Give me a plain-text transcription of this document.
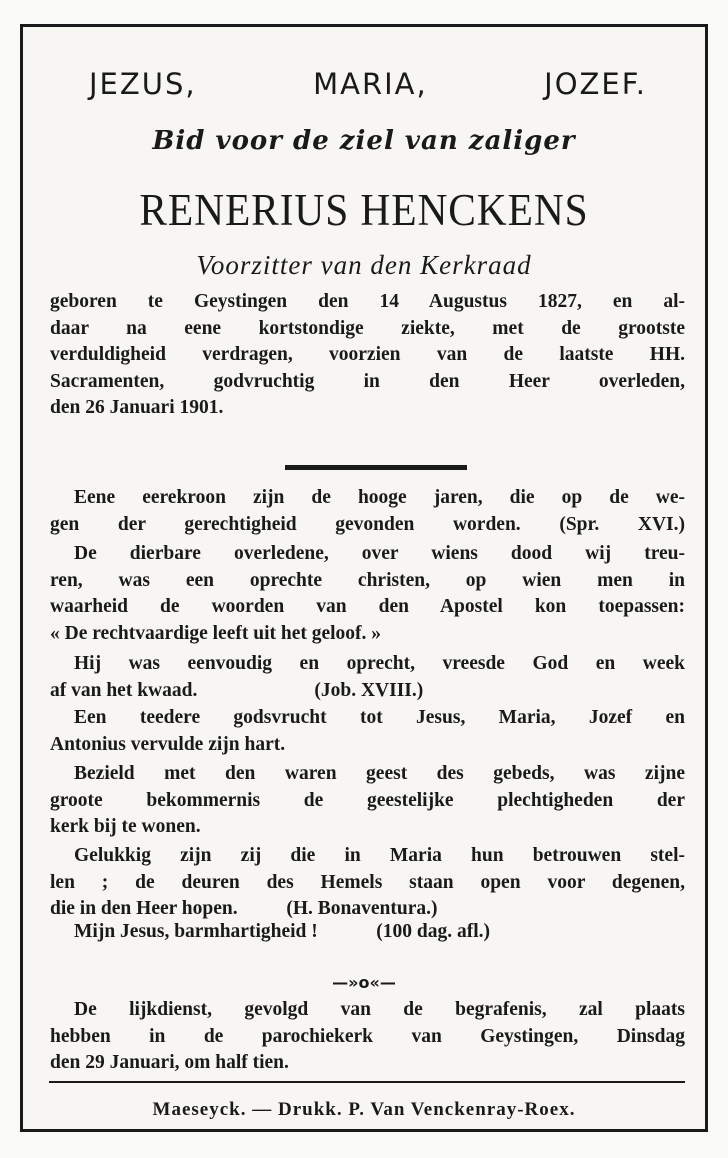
JEZUS,	MARIA,	JOZEF.
Bid voor de ziel van zaliger
RENERIUS HENCKENS
Voorzitter van den Kerkraad
geboren te Geystingen den 14 Augustus 1827, en al-
daar na eene kortstondige ziekte, met de grootste
verduldigheid verdragen, voorzien van de laatste HH.
Sacramenten, godvruchtig in den Heer overleden,
den 26 Januari 1901.
Eene eerekroon zijn de hooge jaren, die op de we-
gen der gerechtigheid gevonden worden. (Spr. XVI.)
De dierbare overledene, over wiens dood wij treu-
ren, was een oprechte christen, op wien men in
waarheid de woorden van den Apostel kon toepassen:
« De rechtvaardige leeft uit het geloof. »
Hij was eenvoudig en oprecht, vreesde God en week
af van het kwaad.                        (Job. XVIII.)
Een teedere godsvrucht tot Jesus, Maria, Jozef en
Antonius vervulde zijn hart.
Bezield met den waren geest des gebeds, was zijne
groote bekommernis de geestelijke plechtigheden der
kerk bij te wonen.
Gelukkig zijn zij die in Maria hun betrouwen stel-
len ; de deuren des Hemels staan open voor degenen,
die in den Heer hopen.          (H. Bonaventura.)
Mijn Jesus, barmhartigheid !            (100 dag. afl.)
—»o«—
De lijkdienst, gevolgd van de begrafenis, zal plaats
hebben in de parochiekerk van Geystingen, Dinsdag
den 29 Januari, om half tien.
Maeseyck. — Drukk. P. Van Venckenray-Roex.
